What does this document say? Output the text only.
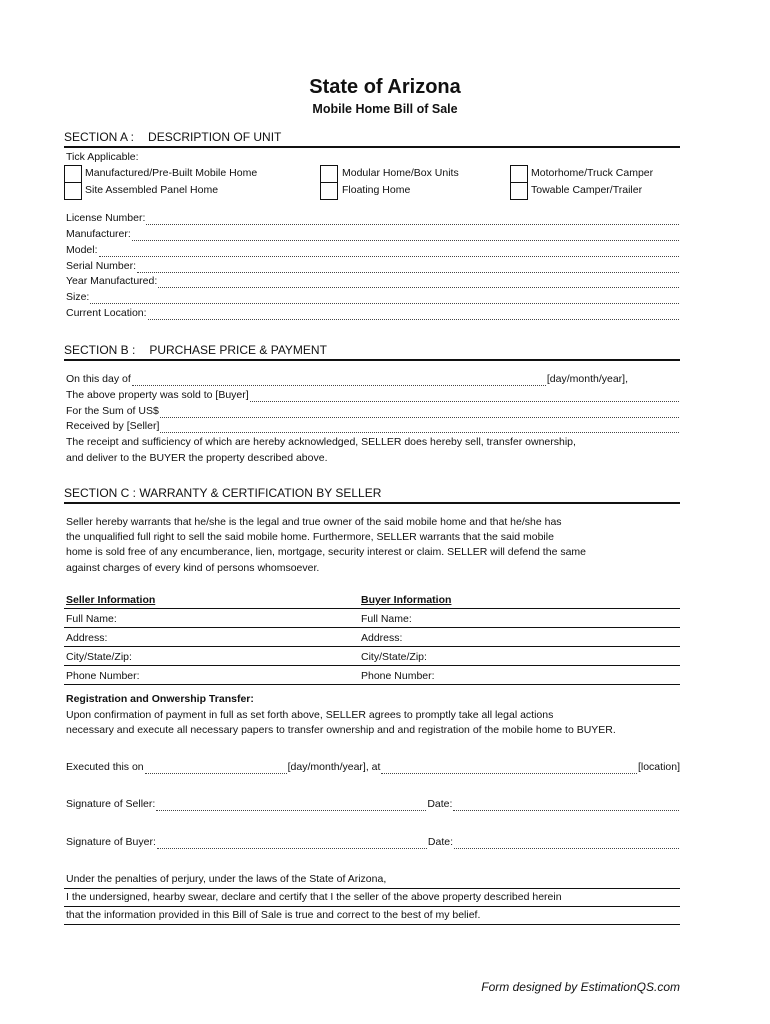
State of Arizona
Mobile Home Bill of Sale
SECTION A : DESCRIPTION OF UNIT
Tick Applicable:
Manufactured/Pre-Built Mobile Home
Site Assembled Panel Home
Modular Home/Box Units
Floating Home
Motorhome/Truck Camper
Towable Camper/Trailer
License Number:
Manufacturer:
Model:
Serial Number:
Year Manufactured:
Size:
Current Location:
SECTION B : PURCHASE PRICE & PAYMENT
On this day of	[day/month/year],
The above property was sold to [Buyer]
For the Sum of US$
Received by [Seller]
The receipt and sufficiency of which are hereby acknowledged, SELLER does hereby sell, transfer ownership,
and deliver to the BUYER the property described above.
SECTION C : WARRANTY & CERTIFICATION BY SELLER
Seller hereby warrants that he/she is the legal and true owner of the said mobile home and that he/she has
the unqualified full right to sell the said mobile home. Furthermore, SELLER warrants that the said mobile
home is sold free of any encumberance, lien, mortgage, security interest or claim. SELLER will defend the same
against charges of every kind of persons whomsoever.
Seller Information	Buyer Information
Full Name:	Full Name:
Address:	Address:
City/State/Zip:	City/State/Zip:
Phone Number:	Phone Number:
Registration and Onwership Transfer:
Upon confirmation of payment in full as set forth above, SELLER agrees to promptly take all legal actions
necessary and execute all necessary papers to transfer ownership and and registration of the mobile home to BUYER.
Executed this on	[day/month/year], at	[location]
Signature of Seller:	Date:
Signature of Buyer:	Date:
Under the penalties of perjury, under the laws of the State of Arizona,
I the undersigned, hearby swear, declare and certify that I the seller of the above property described herein
that the information provided in this Bill of Sale is true and correct to the best of my belief.
Form designed by EstimationQS.com
